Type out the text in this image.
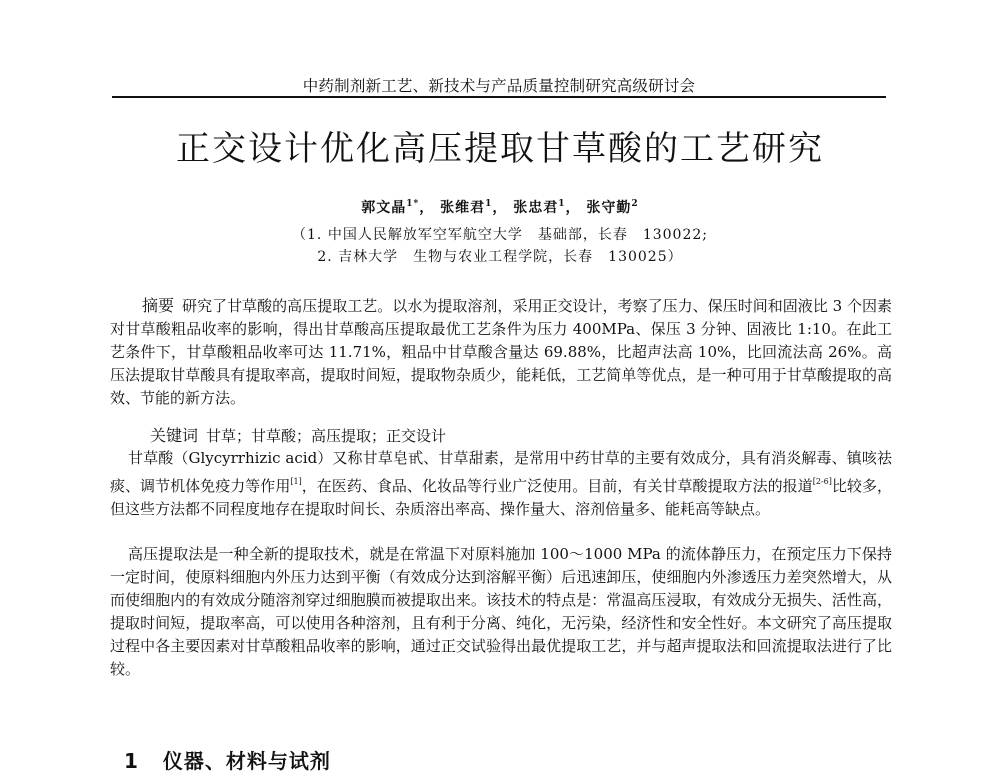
中药制剂新工艺、新技术与产品质量控制研究高级研讨会
正交设计优化高压提取甘草酸的工艺研究
郭文晶$^{1*}$， 张维君$^1$， 张忠君$^1$， 张守勤$^2$
（1. 中国人民解放军空军航空大学　基础部，长春　130022;
2. 吉林大学　生物与农业工程学院，长春　130025）
摘要 研究了甘草酸的高压提取工艺。以水为提取溶剂，采用正交设计，考察了压力、保压时间和固液比 3 个因素对甘草酸粗品收率的影响，得出甘草酸高压提取最优工艺条件为压力 400MPa、保压 3 分钟、固液比 1:10。在此工艺条件下，甘草酸粗品收率可达 11.71%，粗品中甘草酸含量达 69.88%，比超声法高 10%，比回流法高 26%。高压法提取甘草酸具有提取率高，提取时间短，提取物杂质少，能耗低，工艺简单等优点，是一种可用于甘草酸提取的高效、节能的新方法。
关键词 甘草；甘草酸；高压提取；正交设计
甘草酸（Glycyrrhizic acid）又称甘草皂甙、甘草甜素，是常用中药甘草的主要有效成分，具有消炎解毒、镇咳祛痰、调节机体免疫力等作用[1]，在医药、食品、化妆品等行业广泛使用。目前，有关甘草酸提取方法的报道[2-6]比较多，但这些方法都不同程度地存在提取时间长、杂质溶出率高、操作量大、溶剂倍量多、能耗高等缺点。
高压提取法是一种全新的提取技术，就是在常温下对原料施加 100～1000 MPa 的流体静压力，在预定压力下保持一定时间，使原料细胞内外压力达到平衡（有效成分达到溶解平衡）后迅速卸压，使细胞内外渗透压力差突然增大，从而使细胞内的有效成分随溶剂穿过细胞膜而被提取出来。该技术的特点是：常温高压浸取，有效成分无损失、活性高，提取时间短，提取率高，可以使用各种溶剂，且有利于分离、纯化，无污染，经济性和安全性好。本文研究了高压提取过程中各主要因素对甘草酸粗品收率的影响，通过正交试验得出最优提取工艺，并与超声提取法和回流提取法进行了比较。
1 仪器、材料与试剂
